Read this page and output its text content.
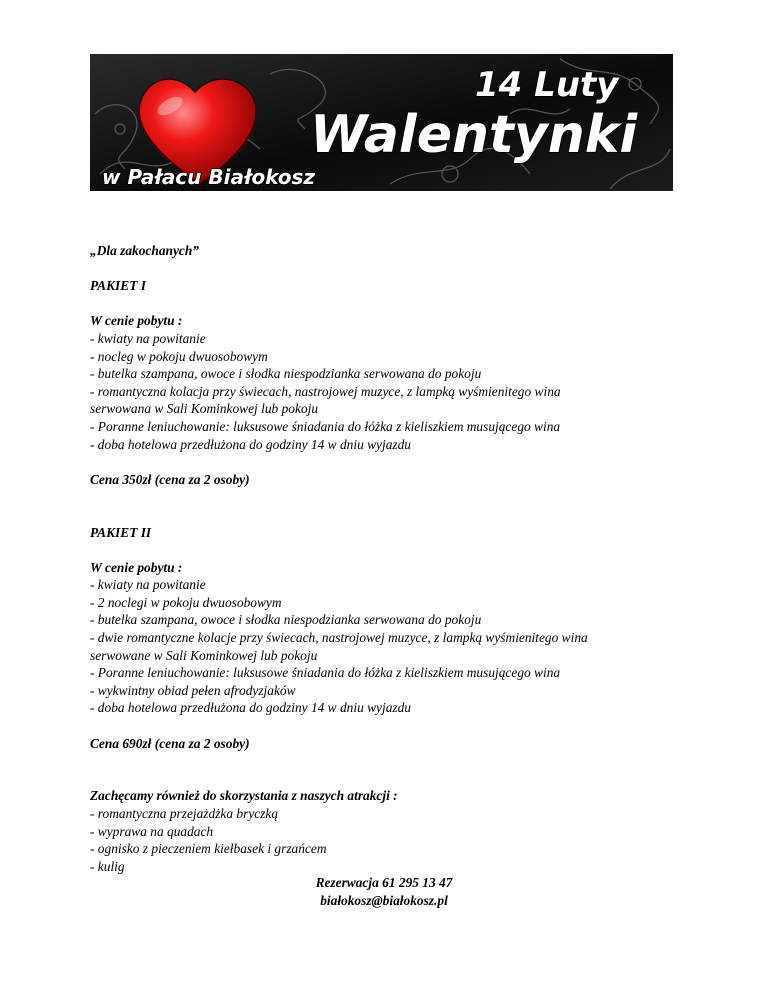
14 Luty
Walentynki
w Pałacu Białokosz

„Dla zakochanych”

PAKIET I

W cenie pobytu :

- kwiaty na powitanie

- nocleg w pokoju dwuosobowym

- butelka szampana, owoce i słodka niespodzianka serwowana do pokoju

- romantyczna kolacja przy świecach, nastrojowej muzyce, z lampką wyśmienitego wina

serwowana w Sali Kominkowej lub pokoju

- Poranne leniuchowanie: luksusowe śniadania do łóżka z kieliszkiem musującego wina

- doba hotelowa przedłużona do godziny 14 w dniu wyjazdu

Cena 350zł (cena za 2 osoby)

PAKIET II

W cenie pobytu :

- kwiaty na powitanie

- 2 noclegi w pokoju dwuosobowym

- butelka szampana, owoce i słodka niespodzianka serwowana do pokoju

- dwie romantyczne kolacje przy świecach, nastrojowej muzyce, z lampką wyśmienitego wina

serwowane w Sali Kominkowej lub pokoju

- Poranne leniuchowanie: luksusowe śniadania do łóżka z kieliszkiem musującego wina

- wykwintny obiad pełen afrodyzjaków

- doba hotelowa przedłużona do godziny 14 w dniu wyjazdu

Cena 690zł (cena za 2 osoby)

Zachęcamy również do skorzystania z naszych atrakcji :

- romantyczna przejażdżka bryczką

- wyprawa na quadach

- ognisko z pieczeniem kiełbasek i grzańcem

- kulig

Rezerwacja 61 295 13 47
białokosz@białokosz.pl
